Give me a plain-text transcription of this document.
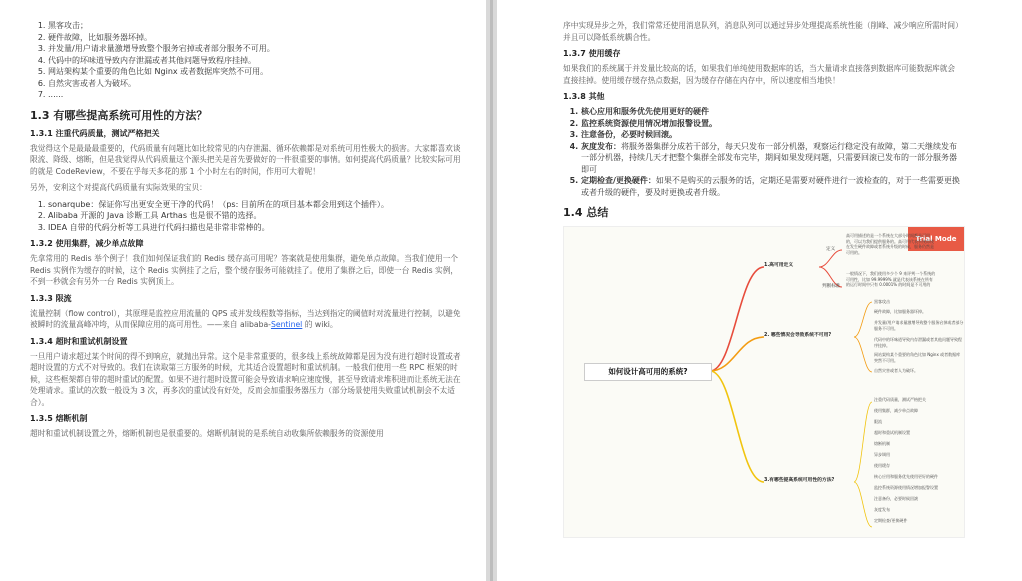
1. 黑客攻击；
2. 硬件故障，比如服务器坏掉。
3. 并发量/用户请求量激增导致整个服务宕掉或者部分服务不可用。
4. 代码中的坏味道导致内存泄漏或者其他问题导致程序挂掉。
5. 网站架构某个重要的角色比如 Nginx 或者数据库突然不可用。
6. 自然灾害或者人为破坏。
7. ......
1.3 有哪些提高系统可用性的方法？
1.3.1 注重代码质量，测试严格把关

我觉得这个是最最最重要的，代码质量有问题比如比较常见的内存泄漏、循环依赖都是对系统可用性极大的损害。大家都喜欢谈限流、降级、熔断，但是我觉得从代码质量这个源头把关是首先要做好的一件很重要的事情。如何提高代码质量？比较实际可用的就是 CodeReview，不要在乎每天多花的那 1 个小时左右的时间，作用可大着呢！

另外，安利这个对提高代码质量有实际效果的宝贝：

1. sonarqube：保证你写出更安全更干净的代码！（ps: 目前所在的项目基本都会用到这个插件）。
2. Alibaba 开源的 Java 诊断工具 Arthas 也是很不错的选择。
3. IDEA 自带的代码分析等工具进行代码扫描也是非常非常棒的。
1.3.2 使用集群，减少单点故障

先拿常用的 Redis 举个例子！我们如何保证我们的 Redis 缓存高可用呢？答案就是使用集群，避免单点故障。当我们使用一个 Redis 实例作为缓存的时候，这个 Redis 实例挂了之后，整个缓存服务可能就挂了。使用了集群之后，即使一台 Redis 实例，不到一秒就会有另外一台 Redis 实例顶上。

1.3.3 限流

流量控制（flow control），其原理是监控应用流量的 QPS 或并发线程数等指标，当达到指定的阈值时对流量进行控制，以避免被瞬时的流量高峰冲垮，从而保障应用的高可用性。——来自 alibaba-Sentinel 的 wiki。

1.3.4 超时和重试机制设置

一旦用户请求超过某个时间的得不到响应，就抛出异常。这个是非常重要的，很多线上系统故障都是因为没有进行超时设置或者超时设置的方式不对导致的。我们在读取第三方服务的时候，尤其适合设置超时和重试机制。一般我们使用一些 RPC 框架的时候，这些框架都自带的超时重试的配置。如果不进行超时设置可能会导致请求响应速度慢，甚至导致请求堆积进而让系统无法在处理请求。重试的次数一般设为 3 次，再多次的重试没有好处，反而会加重服务器压力（部分场景使用失败重试机制会不太适合）。

1.3.5 熔断机制

超时和重试机制设置之外，熔断机制也是很重要的。熔断机制说的是系统自动收集所依赖服务的资源使用

序中实现异步之外，我们常常还使用消息队列，消息队列可以通过异步处理提高系统性能（削峰、减少响应所需时间）并且可以降低系统耦合性。

1.3.7 使用缓存

如果我们的系统属于并发量比较高的话，如果我们单纯使用数据库的话，当大量请求直接落到数据库可能数据库就会直接挂掉。使用缓存缓存热点数据，因为缓存存储在内存中，所以速度相当地快！

1.3.8 其他
1. 核心应用和服务优先使用更好的硬件
2. 监控系统资源使用情况增加报警设置。
3. 注意备份，必要时候回滚。
4. 灰度发布：将服务器集群分成若干部分，每天只发布一部分机器，观察运行稳定没有故障，第二天继续发布一部分机器，持续几天才把整个集群全部发布完毕，期间如果发现问题，只需要回滚已发布的一部分服务器即可
5. 定期检查/更换硬件：如果不是购买的云服务的话，定期还是需要对硬件进行一波检查的，对于一些需要更换或者升级的硬件，要及时更换或者升级。
1.4 总结
Trial Mode
如何设计高可用的系统?
1.高可用定义
定义
高可用描述的是一个系统在大部分时间都是可用的，可以为我们提供服务的。高可用代表系统即使在发生硬件故障或者系统升级的时候，服务仍然是可用的。
判断标准
一般情况下，我们使用多少个 9 来评判一个系统的可用性，比如 99.9999% 就是代表该系统在所有的运行时间中只有 0.0001% 的时间是不可用的
2. 哪些情况会导致系统不可用?
黑客攻击
硬件故障，比如服务器坏掉。
并发量/用户请求量激增导致整个服务宕掉或者部分服务不可用。
代码中的坏味道导致内存泄漏或者其他问题导致程序挂掉。
网站架构某个重要的角色比如 Nginx 或者数据库突然不可用。
自然灾害或者人为破坏。
3.有哪些提高系统可用性的方法?
注重代码质量，测试严格把关
使用集群，减少单点故障
限流
超时和重试机制设置
熔断机制
异步调用
使用缓存
核心应用和服务优先使用更好的硬件
监控系统资源使用情况增加报警设置
注意备份，必要时候回滚
灰度发布
定期检查/更换硬件
